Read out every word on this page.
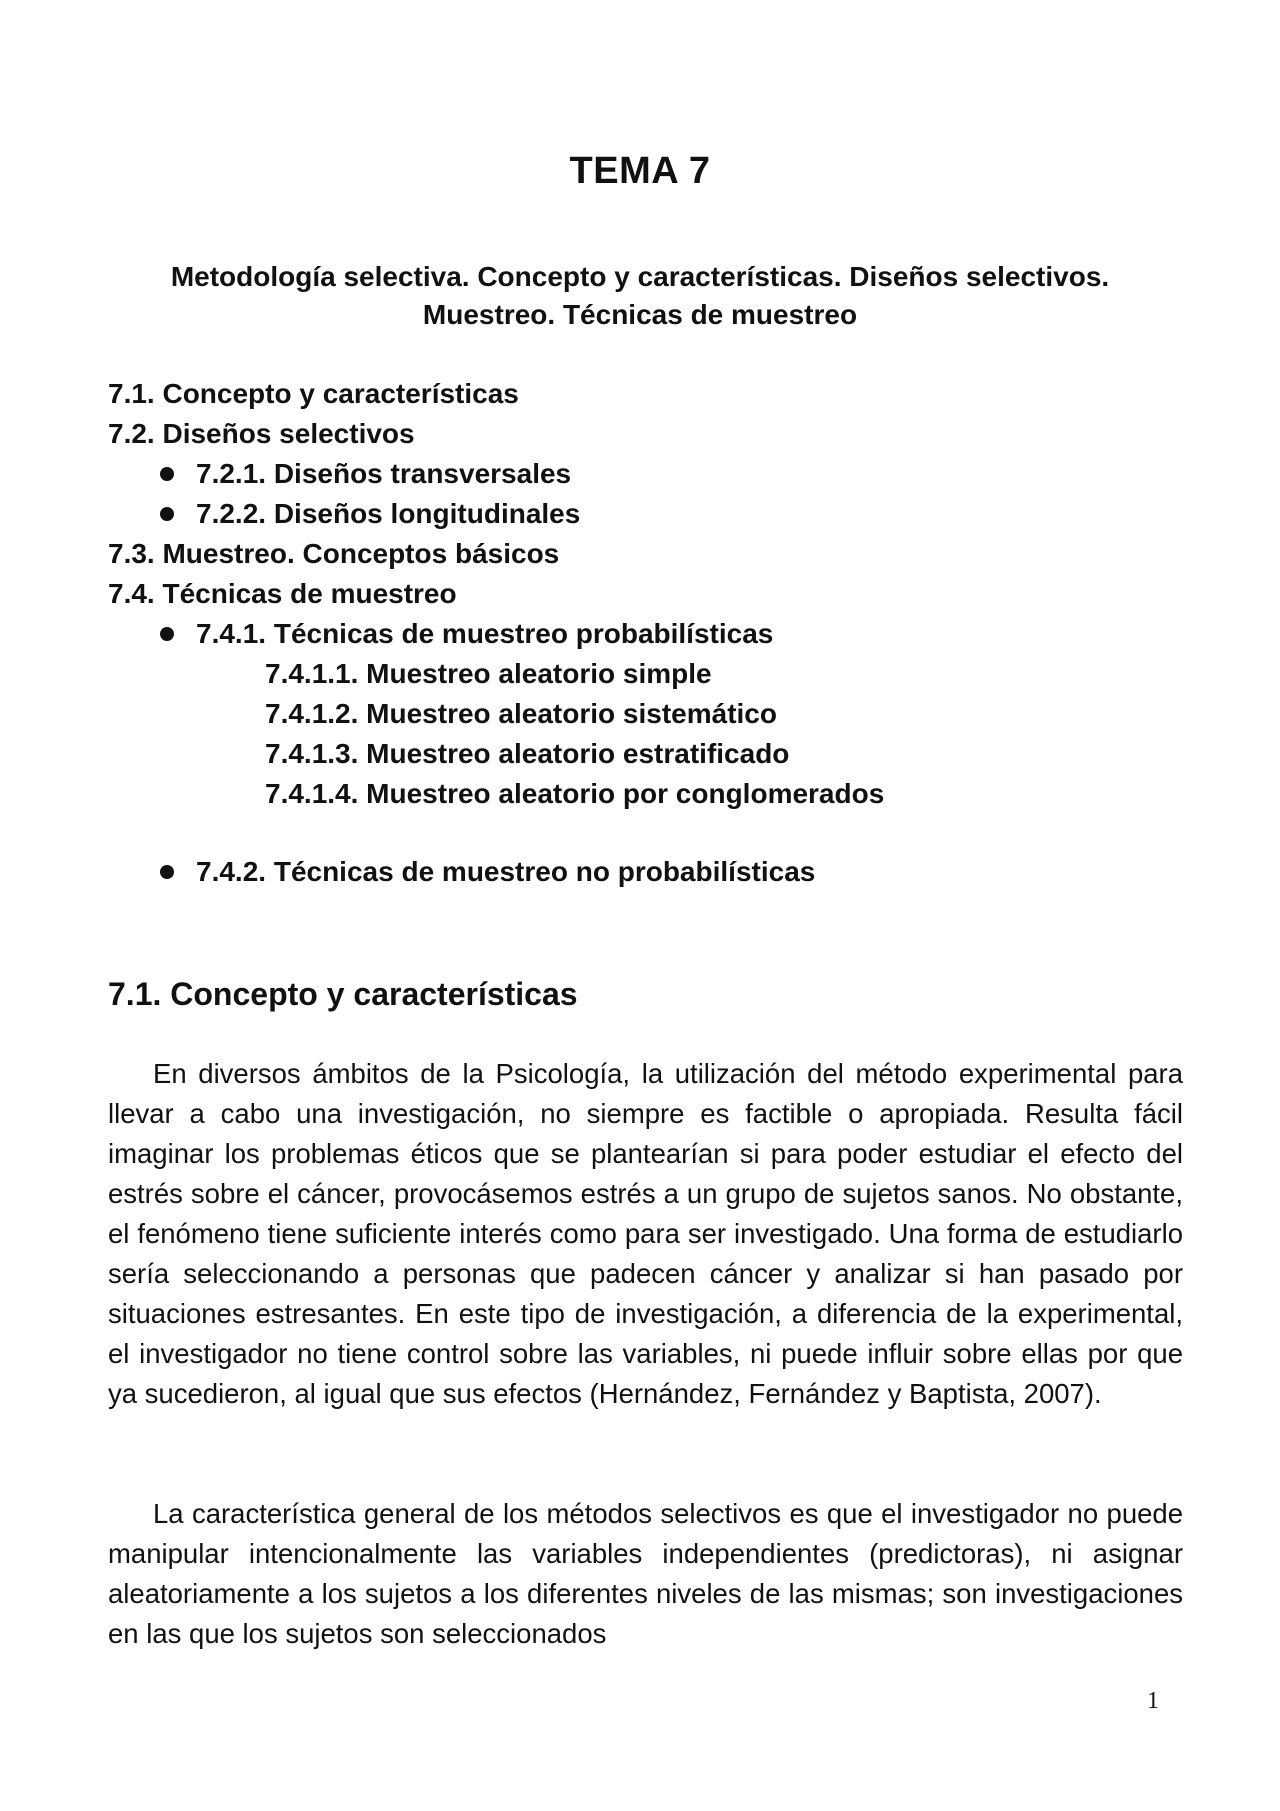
TEMA 7
Metodología selectiva. Concepto y características. Diseños selectivos.
Muestreo. Técnicas de muestreo
7.1. Concepto y características
7.2. Diseños selectivos
7.2.1. Diseños transversales
7.2.2. Diseños longitudinales
7.3. Muestreo. Conceptos básicos
7.4. Técnicas de muestreo
7.4.1. Técnicas de muestreo probabilísticas
7.4.1.1. Muestreo aleatorio simple
7.4.1.2. Muestreo aleatorio sistemático
7.4.1.3. Muestreo aleatorio estratificado
7.4.1.4. Muestreo aleatorio por conglomerados
7.4.2. Técnicas de muestreo no probabilísticas
7.1. Concepto y características

En diversos ámbitos de la Psicología, la utilización del método experimental para llevar a cabo una investigación, no siempre es factible o apropiada. Resulta fácil imaginar los problemas éticos que se plantearían si para poder estudiar el efecto del estrés sobre el cáncer, provocásemos estrés a un grupo de sujetos sanos. No obstante, el fenómeno tiene suficiente interés como para ser investigado. Una forma de estudiarlo sería seleccionando a personas que padecen cáncer y analizar si han pasado por situaciones estresantes. En este tipo de investigación, a diferencia de la experimental, el investigador no tiene control sobre las variables, ni puede influir sobre ellas por que ya sucedieron, al igual que sus efectos (Hernández, Fernández y Baptista, 2007).

La característica general de los métodos selectivos es que el investigador no puede manipular intencionalmente las variables independientes (predictoras), ni asignar aleatoriamente a los sujetos a los diferentes niveles de las mismas; son investigaciones en las que los sujetos son seleccionados

1
